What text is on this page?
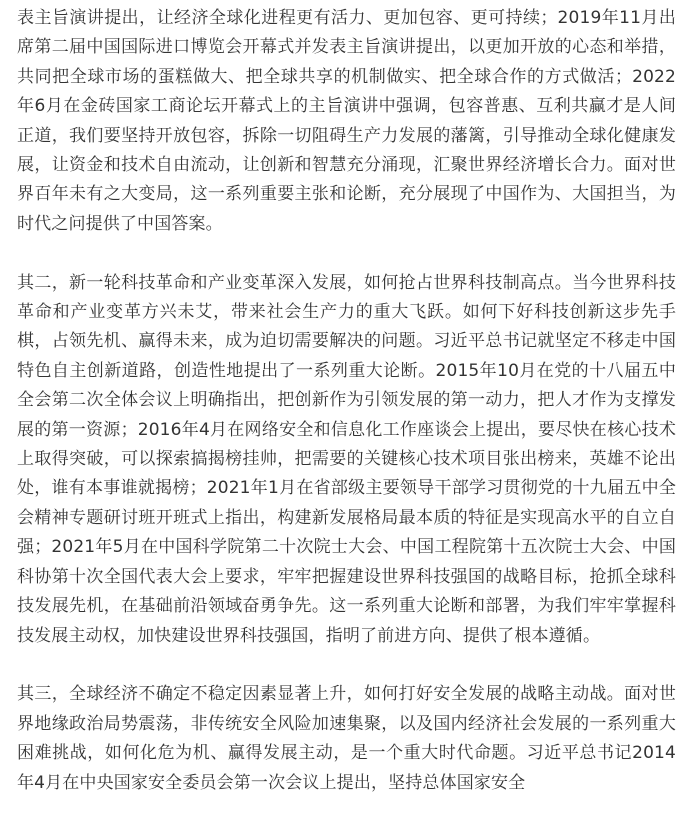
表主旨演讲提出，让经济全球化进程更有活力、更加包容、更可持续；2019年11月出席第二届中国国际进口博览会开幕式并发表主旨演讲提出，以更加开放的心态和举措，共同把全球市场的蛋糕做大、把全球共享的机制做实、把全球合作的方式做活；2022年6月在金砖国家工商论坛开幕式上的主旨演讲中强调，包容普惠、互利共赢才是人间正道，我们要坚持开放包容，拆除一切阻碍生产力发展的藩篱，引导推动全球化健康发展，让资金和技术自由流动，让创新和智慧充分涌现，汇聚世界经济增长合力。面对世界百年未有之大变局，这一系列重要主张和论断，充分展现了中国作为、大国担当，为时代之问提供了中国答案。

其二，新一轮科技革命和产业变革深入发展，如何抢占世界科技制高点。当今世界科技革命和产业变革方兴未艾，带来社会生产力的重大飞跃。如何下好科技创新这步先手棋，占领先机、赢得未来，成为迫切需要解决的问题。习近平总书记就坚定不移走中国特色自主创新道路，创造性地提出了一系列重大论断。2015年10月在党的十八届五中全会第二次全体会议上明确指出，把创新作为引领发展的第一动力，把人才作为支撑发展的第一资源；2016年4月在网络安全和信息化工作座谈会上提出，要尽快在核心技术上取得突破，可以探索搞揭榜挂帅，把需要的关键核心技术项目张出榜来，英雄不论出处，谁有本事谁就揭榜；2021年1月在省部级主要领导干部学习贯彻党的十九届五中全会精神专题研讨班开班式上指出，构建新发展格局最本质的特征是实现高水平的自立自强；2021年5月在中国科学院第二十次院士大会、中国工程院第十五次院士大会、中国科协第十次全国代表大会上要求，牢牢把握建设世界科技强国的战略目标，抢抓全球科技发展先机，在基础前沿领域奋勇争先。这一系列重大论断和部署，为我们牢牢掌握科技发展主动权，加快建设世界科技强国，指明了前进方向、提供了根本遵循。

其三，全球经济不确定不稳定因素显著上升，如何打好安全发展的战略主动战。面对世界地缘政治局势震荡，非传统安全风险加速集聚，以及国内经济社会发展的一系列重大困难挑战，如何化危为机、赢得发展主动，是一个重大时代命题。习近平总书记2014年4月在中央国家安全委员会第一次会议上提出，坚持总体国家安全
